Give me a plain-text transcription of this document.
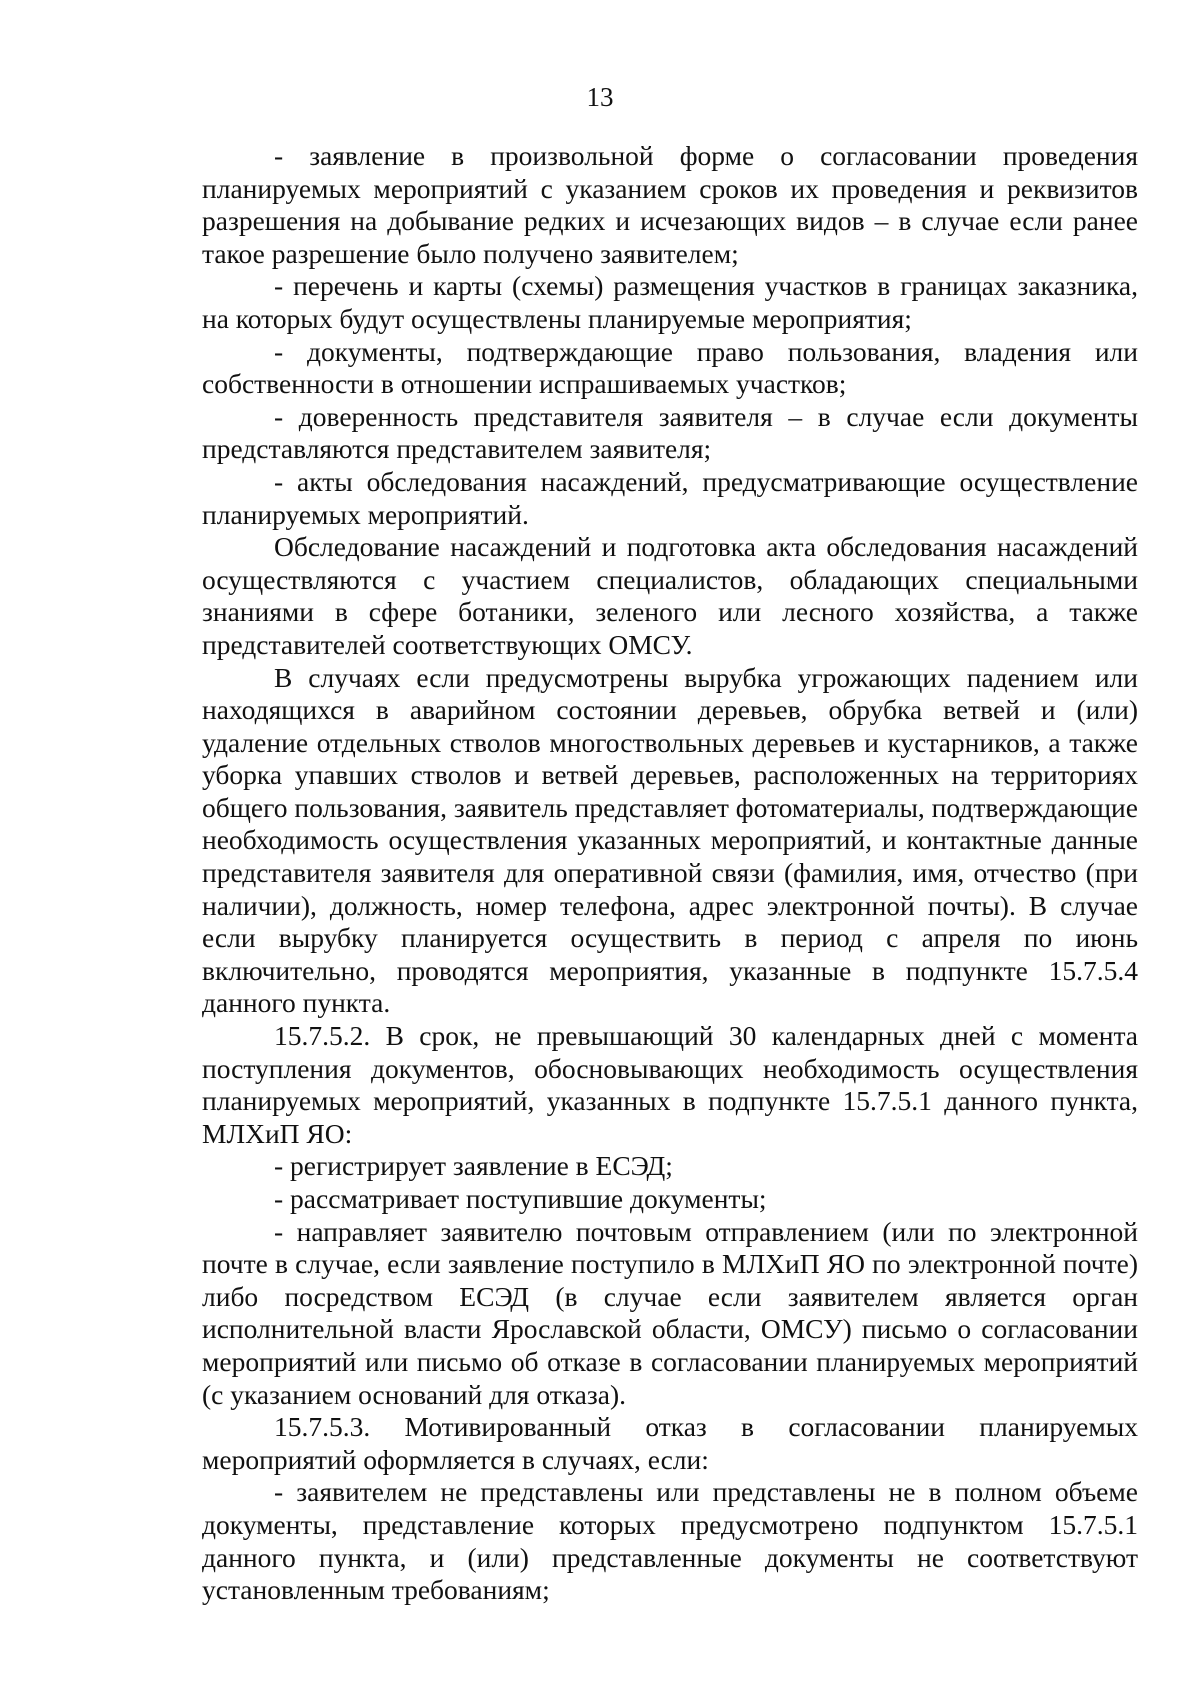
13

- заявление в произвольной форме о согласовании проведения планируемых мероприятий с указанием сроков их проведения и реквизитов разрешения на добывание редких и исчезающих видов – в случае если ранее такое разрешение было получено заявителем;

- перечень и карты (схемы) размещения участков в границах заказника, на которых будут осуществлены планируемые мероприятия;

- документы, подтверждающие право пользования, владения или собственности в отношении испрашиваемых участков;

- доверенность представителя заявителя – в случае если документы представляются представителем заявителя;

- акты обследования насаждений, предусматривающие осуществление планируемых мероприятий.

Обследование насаждений и подготовка акта обследования насаждений осуществляются с участием специалистов, обладающих специальными знаниями в сфере ботаники, зеленого или лесного хозяйства, а также представителей соответствующих ОМСУ.

В случаях если предусмотрены вырубка угрожающих падением или находящихся в аварийном состоянии деревьев, обрубка ветвей и (или) удаление отдельных стволов многоствольных деревьев и кустарников, а также уборка упавших стволов и ветвей деревьев, расположенных на территориях общего пользования, заявитель представляет фотоматериалы, подтверждающие необходимость осуществления указанных мероприятий, и контактные данные представителя заявителя для оперативной связи (фамилия, имя, отчество (при наличии), должность, номер телефона, адрес электронной почты). В случае если вырубку планируется осуществить в период с апреля по июнь включительно, проводятся мероприятия, указанные в подпункте 15.7.5.4 данного пункта.

15.7.5.2. В срок, не превышающий 30 календарных дней с момента поступления документов, обосновывающих необходимость осуществления планируемых мероприятий, указанных в подпункте 15.7.5.1 данного пункта, МЛХиП ЯО:

- регистрирует заявление в ЕСЭД;

- рассматривает поступившие документы;

- направляет заявителю почтовым отправлением (или по электронной почте в случае, если заявление поступило в МЛХиП ЯО по электронной почте) либо посредством ЕСЭД (в случае если заявителем является орган исполнительной власти Ярославской области, ОМСУ) письмо о согласовании мероприятий или письмо об отказе в согласовании планируемых мероприятий (с указанием оснований для отказа).

15.7.5.3. Мотивированный отказ в согласовании планируемых мероприятий оформляется в случаях, если:

- заявителем не представлены или представлены не в полном объеме документы, представление которых предусмотрено подпунктом 15.7.5.1 данного пункта, и (или) представленные документы не соответствуют установленным требованиям;
